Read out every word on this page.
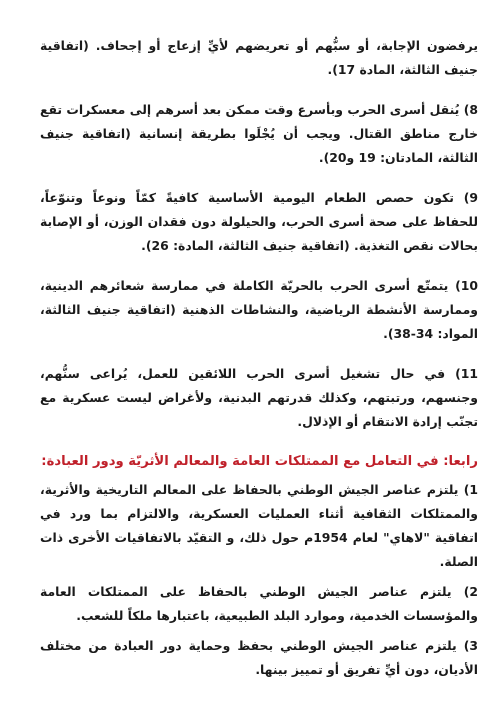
يرفضون الإجابة، أو سبُّهم أو تعريضهم لأيِّ إزعاج أو إجحاف. (اتفاقية جنيف الثالثة، المادة 17).

8) يُنقل أسرى الحرب وبأسرع وقت ممكن بعد أسرهم إلى معسكرات تقع خارج مناطق القتال. ويجب أن يُجْلَوا بطريقة إنسانية (اتفاقية جنيف الثالثة، المادتان: 19 و20).

9) تكون حصص الطعام اليومية الأساسية كافيةً كمّاً ونوعاً وتنوّعاً، للحفاظ على صحة أسرى الحرب، والحيلولة دون فقدان الوزن، أو الإصابة بحالات نقص التغذية. (اتفاقية جنيف الثالثة، المادة: 26).

10) يتمتّع أسرى الحرب بالحريّة الكاملة في ممارسة شعائرهم الدينية، وممارسة الأنشطة الرياضية، والنشاطات الذهنية (اتفاقية جنيف الثالثة، المواد: 34-38).

11) في حال تشغيل أسرى الحرب اللائقين للعمل، يُراعى سنُّهم، وجنسهم، ورتبتهم، وكذلك قدرتهم البدنية، ولأغراض ليست عسكرية مع تجنّب إرادة الانتقام أو الإذلال.

رابعا: في التعامل مع الممتلكات العامة والمعالم الأثريّة ودور العبادة:

1) يلتزم عناصر الجيش الوطني بالحفاظ على المعالم التاريخية والأثرية، والممتلكات الثقافية أثناء العمليات العسكرية، والالتزام بما ورد في اتفاقية "لاهاي" لعام 1954م حول ذلك، و التقيّد بالاتفاقيات الأخرى ذات الصلة.

2) يلتزم عناصر الجيش الوطني بالحفاظ على الممتلكات العامة والمؤسسات الخدمية، وموارد البلد الطبيعية، باعتبارها ملكاً للشعب.

3) يلتزم عناصر الجيش الوطني بحفظ وحماية دور العبادة من مختلف الأديان، دون أيِّ تفريق أو تمييز بينها.
